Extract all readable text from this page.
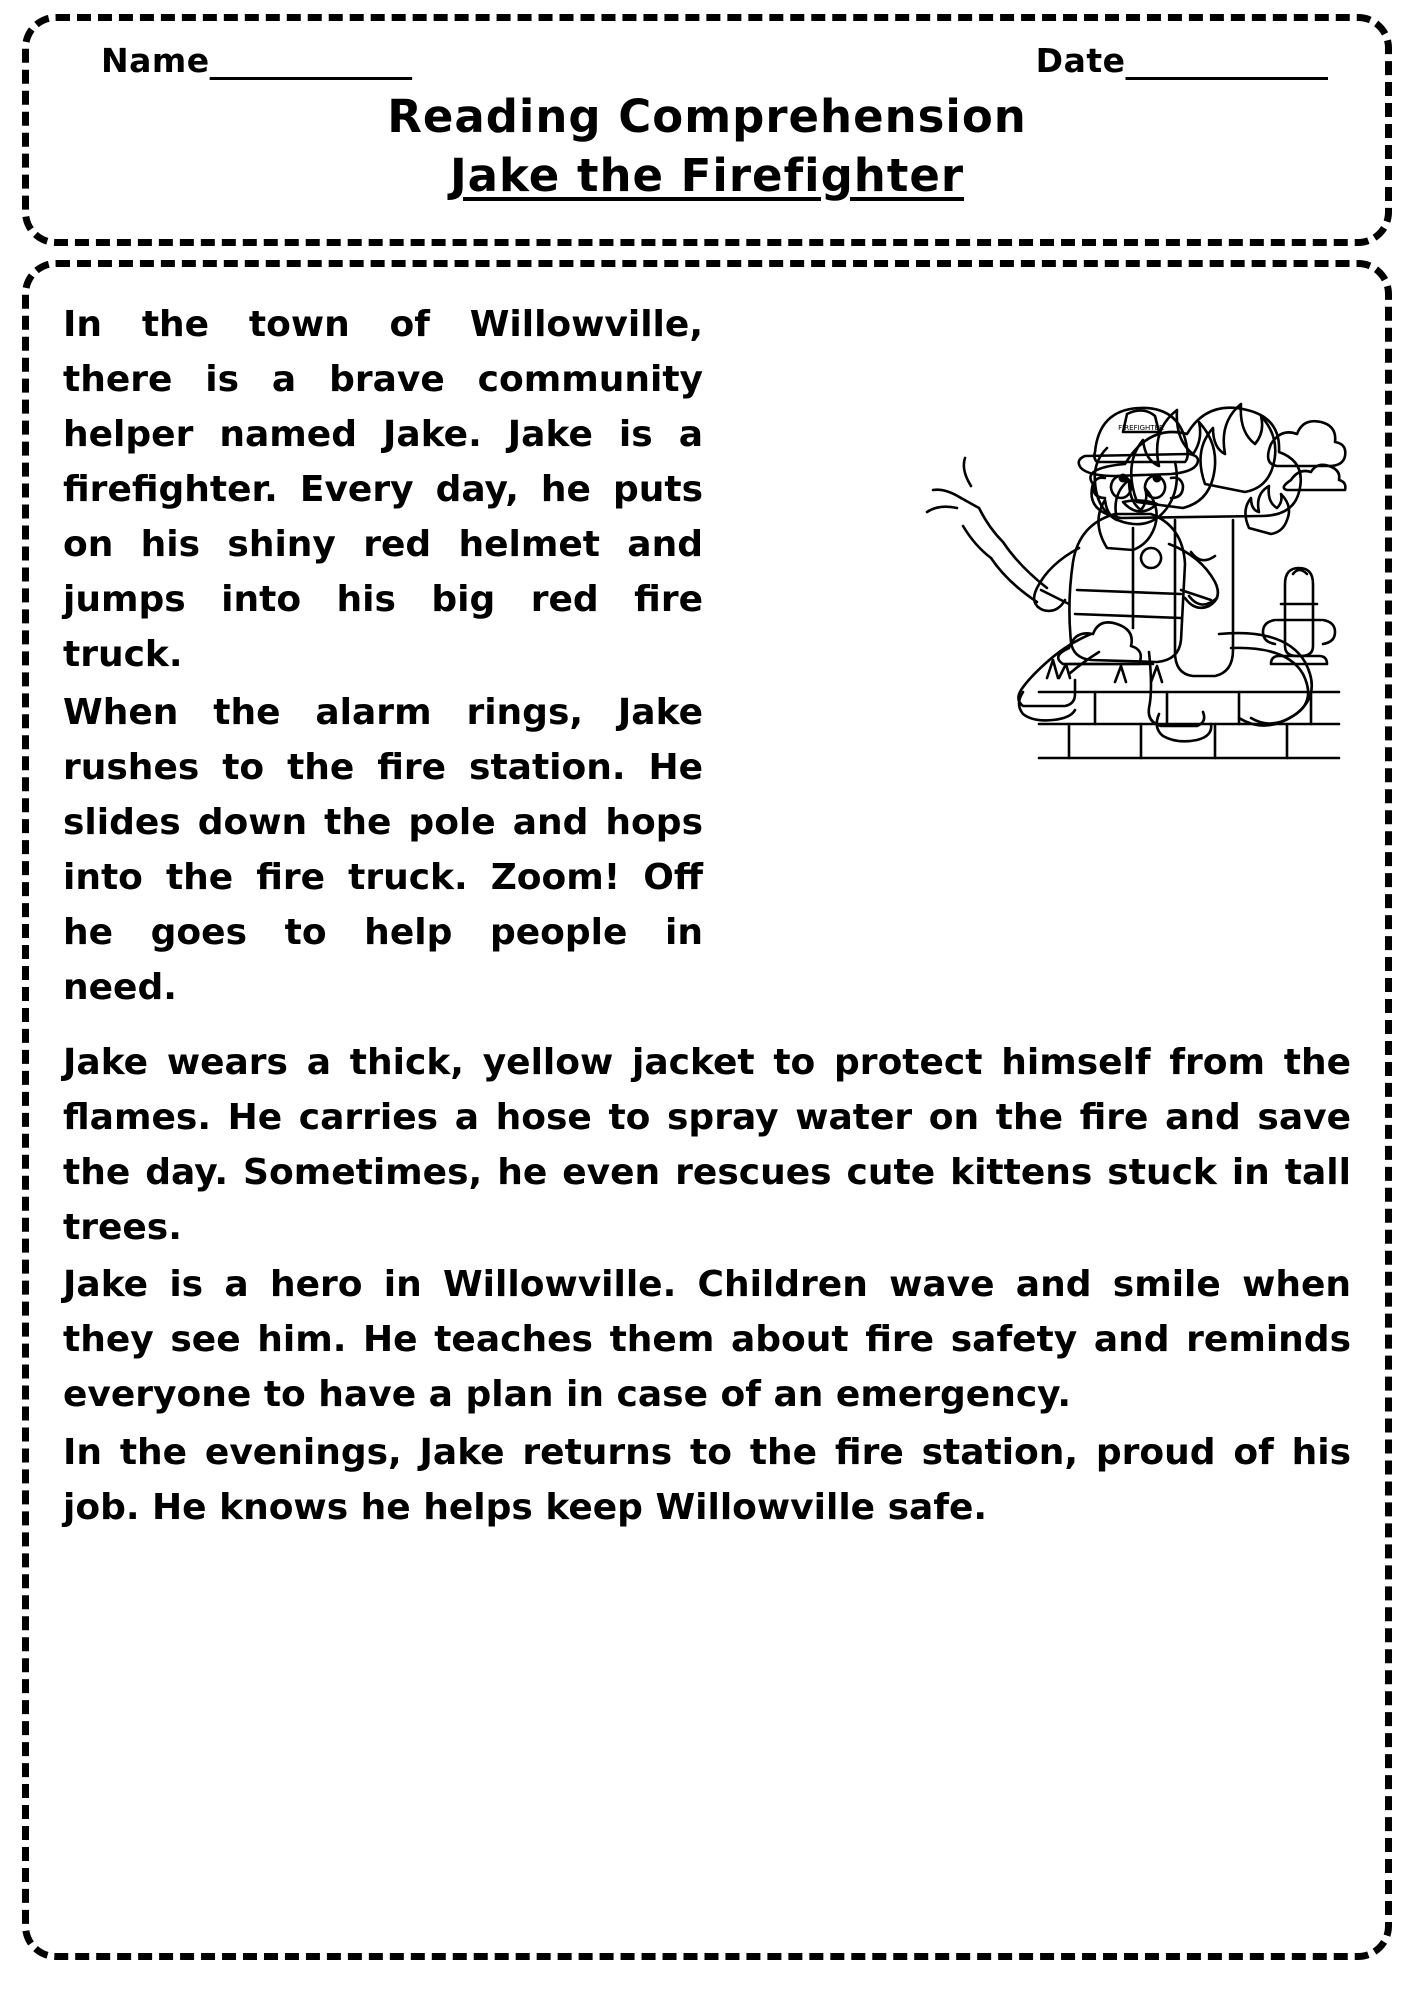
Name_____________	Date_____________
Reading Comprehension
Jake the Firefighter
FIREFIGHTER

In the town of Willowville, there is a brave community helper named Jake. Jake is a firefighter. Every day, he puts on his shiny red helmet and jumps into his big red fire truck.

When the alarm rings, Jake rushes to the fire station. He slides down the pole and hops into the fire truck. Zoom! Off he goes to help people in need.

Jake wears a thick, yellow jacket to protect himself from the flames. He carries a hose to spray water on the fire and save the day. Sometimes, he even rescues cute kittens stuck in tall trees.

Jake is a hero in Willowville. Children wave and smile when they see him. He teaches them about fire safety and reminds everyone to have a plan in case of an emergency.

In the evenings, Jake returns to the fire station, proud of his job. He knows he helps keep Willowville safe.
